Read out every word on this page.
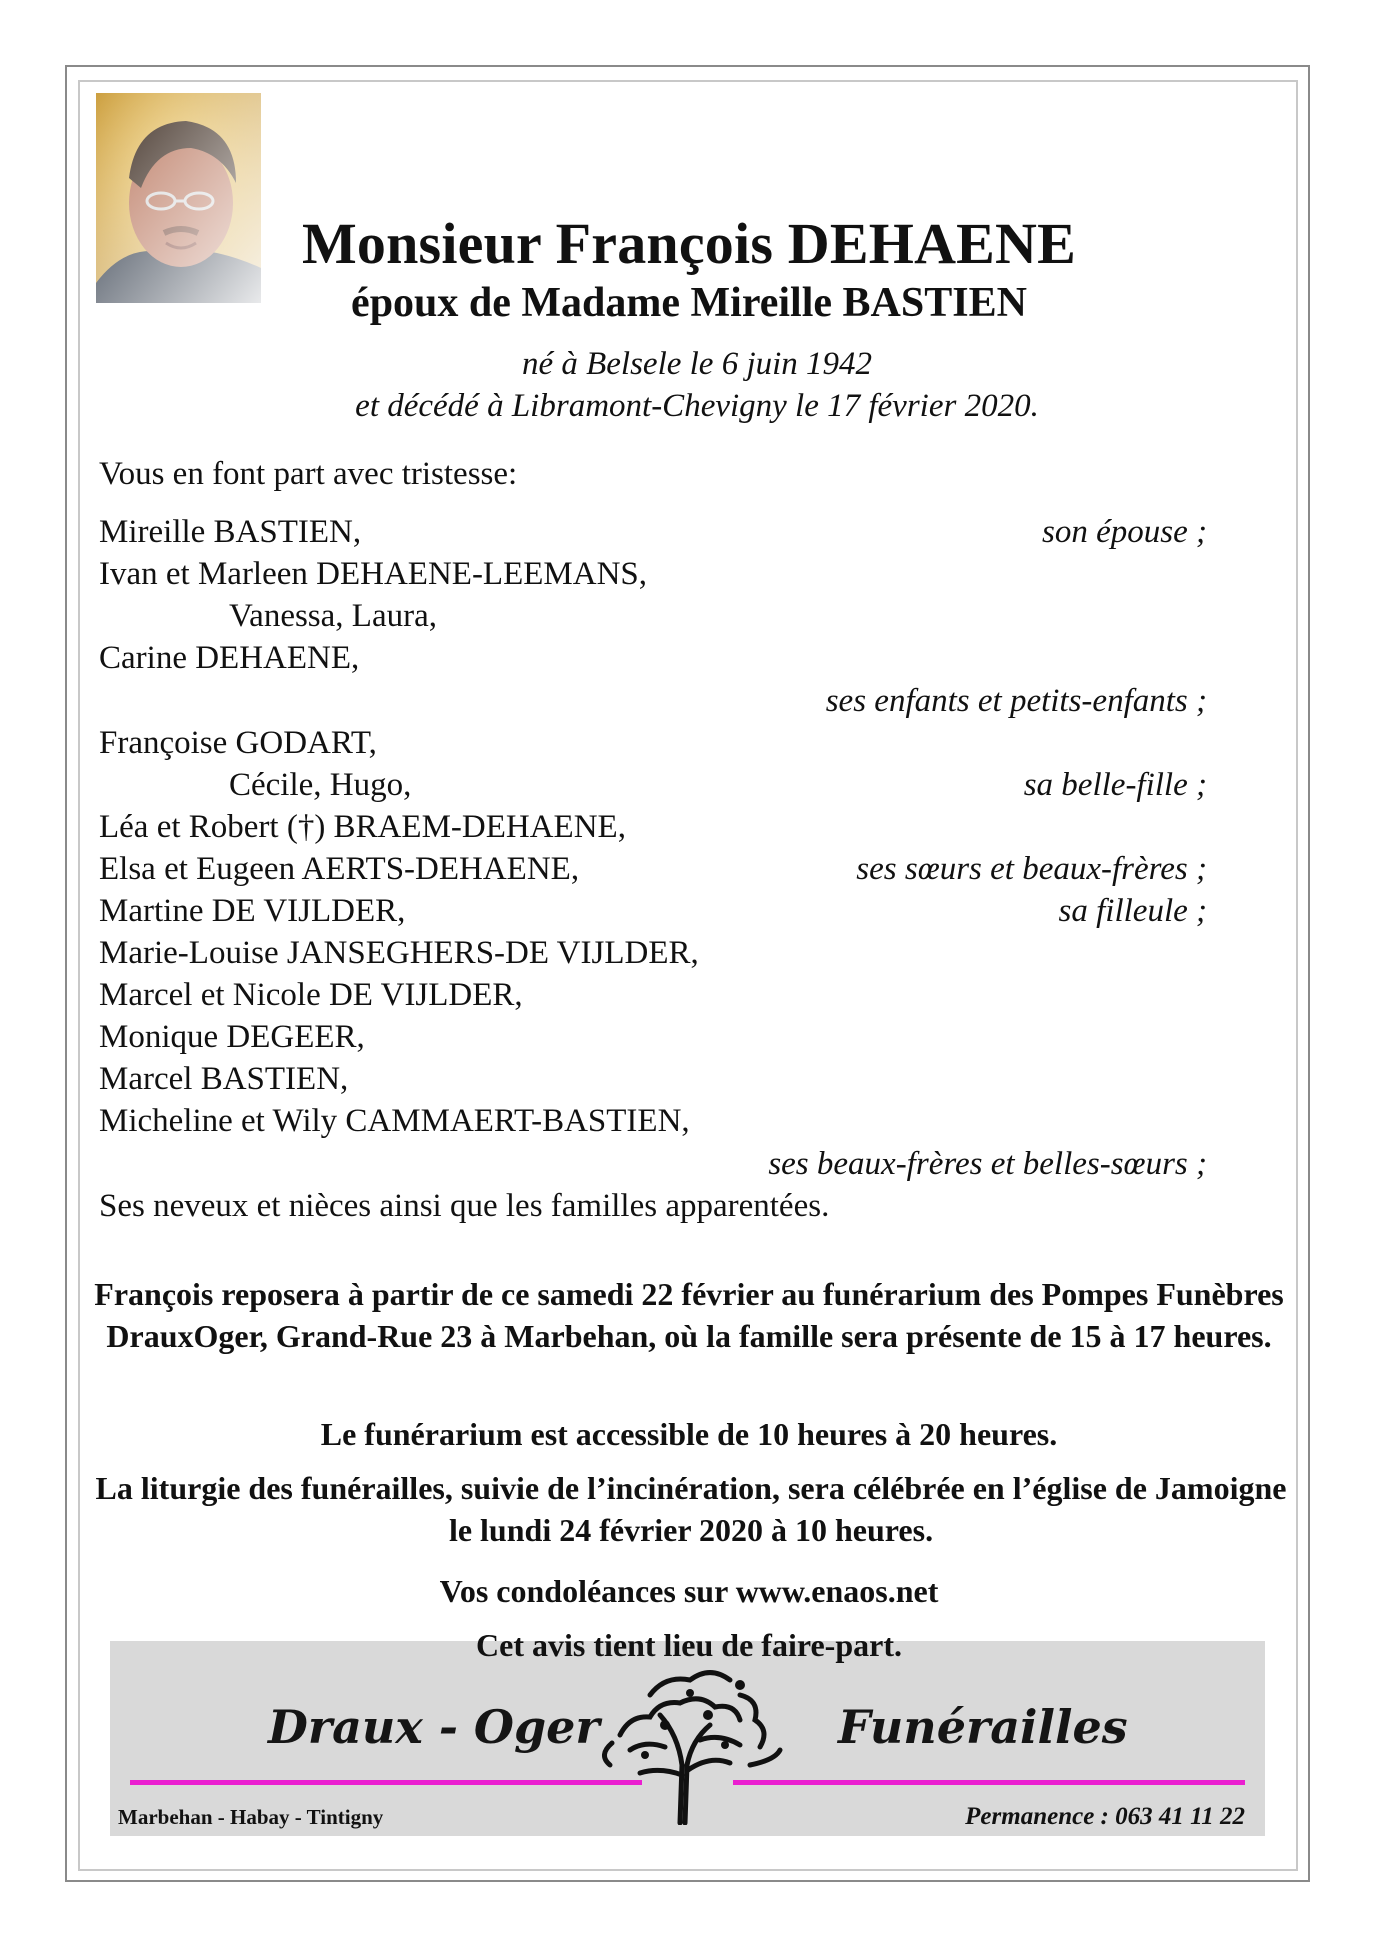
Monsieur François DEHAENE
époux de Madame Mireille BASTIEN
né à Belsele le 6 juin 1942
et décédé à Libramont-Chevigny le 17 février 2020.
Vous en font part avec tristesse:
Mireille BASTIEN,	son épouse ;
Ivan et Marleen DEHAENE-LEEMANS,
Vanessa, Laura,
Carine DEHAENE,
ses enfants et petits-enfants ;
Françoise GODART,
Cécile, Hugo,	sa belle-fille ;
Léa et Robert (†) BRAEM-DEHAENE,
Elsa et Eugeen AERTS-DEHAENE,	ses sœurs et beaux-frères ;
Martine DE VIJLDER,	sa filleule ;
Marie-Louise JANSEGHERS-DE VIJLDER,
Marcel et Nicole DE VIJLDER,
Monique DEGEER,
Marcel BASTIEN,
Micheline et Wily CAMMAERT-BASTIEN,
ses beaux-frères et belles-sœurs ;
Ses neveux et nièces ainsi que les familles apparentées.
François reposera à partir de ce samedi 22 février au funérarium des Pompes Funèbres DrauxOger, Grand-Rue 23 à Marbehan, où la famille sera présente de 15 à 17 heures.
Le funérarium est accessible de 10 heures à 20 heures.
La liturgie des funérailles, suivie de l’incinération, sera célébrée en l’église de Jamoigne le lundi 24 février 2020 à 10 heures.
Vos condoléances sur www.enaos.net
Cet avis tient lieu de faire-part.
Draux - Oger	Funérailles
Marbehan - Habay - Tintigny	Permanence : 063 41 11 22
